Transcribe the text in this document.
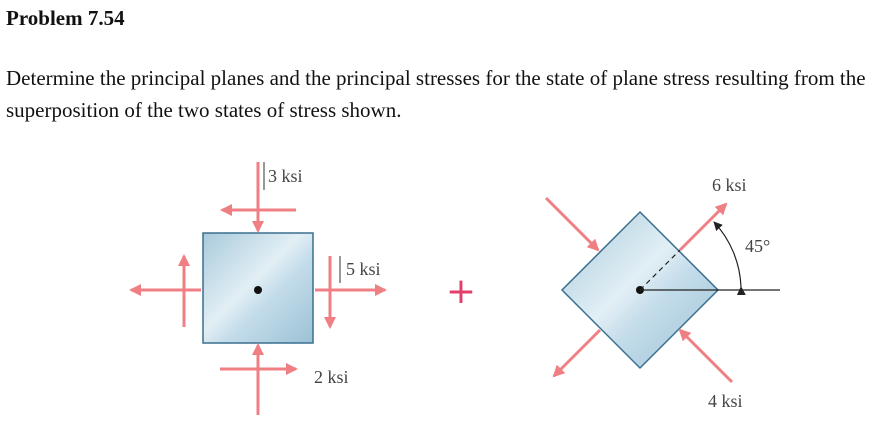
Problem 7.54

Determine the principal planes and the principal stresses for the state of plane stress resulting from the superposition of the two states of stress shown.

3 ksi
2 ksi
5 ksi
+
6 ksi
4 ksi
45°
